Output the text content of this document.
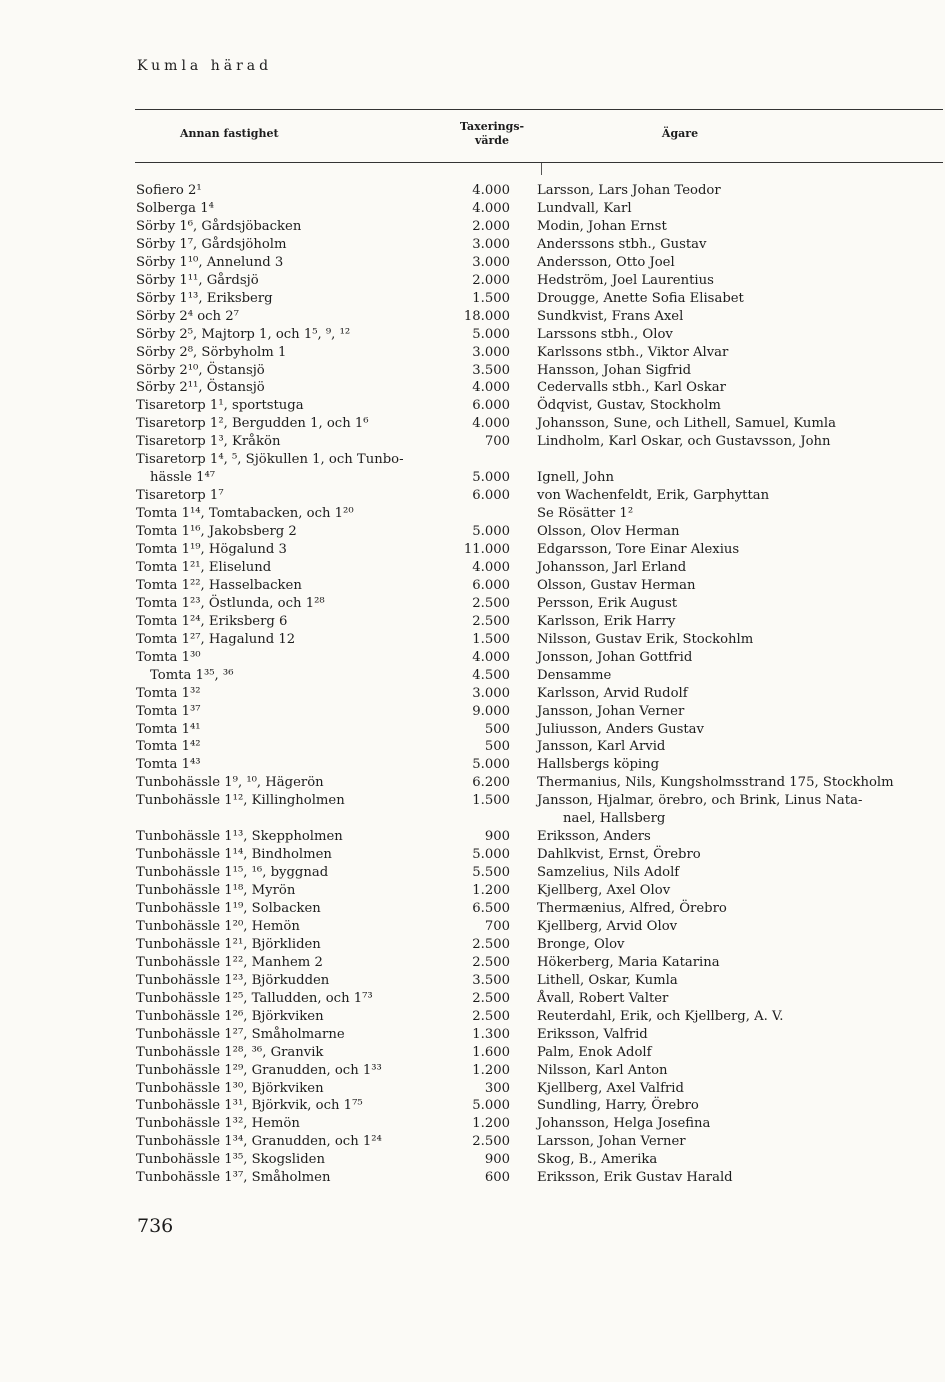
Kumla härad
Annan fastighet
Taxerings-
värde
Ägare
Sofiero 2¹	4.000 Larsson, Lars Johan Teodor
Solberga 1⁴	4.000 Lundvall, Karl
Sörby 1⁶, Gårdsjöbacken	2.000 Modin, Johan Ernst
Sörby 1⁷, Gårdsjöholm	3.000 Anderssons stbh., Gustav
Sörby 1¹⁰, Annelund 3	3.000 Andersson, Otto Joel
Sörby 1¹¹, Gårdsjö	2.000 Hedström, Joel Laurentius
Sörby 1¹³, Eriksberg	1.500 Drougge, Anette Sofia Elisabet
Sörby 2⁴ och 2⁷	18.000 Sundkvist, Frans Axel
Sörby 2⁵, Majtorp 1, och 1⁵, ⁹, ¹²	5.000 Larssons stbh., Olov
Sörby 2⁸, Sörbyholm 1	3.000 Karlssons stbh., Viktor Alvar
Sörby 2¹⁰, Östansjö	3.500 Hansson, Johan Sigfrid
Sörby 2¹¹, Östansjö	4.000 Cedervalls stbh., Karl Oskar
Tisaretorp 1¹, sportstuga	6.000 Ödqvist, Gustav, Stockholm
Tisaretorp 1², Bergudden 1, och 1⁶	4.000 Johansson, Sune, och Lithell, Samuel, Kumla
Tisaretorp 1³, Kråkön	700 Lindholm, Karl Oskar, och Gustavsson, John
Tisaretorp 1⁴, ⁵, Sjökullen 1, och Tunbo-
hässle 1⁴⁷	5.000 Ignell, John
Tisaretorp 1⁷	6.000 von Wachenfeldt, Erik, Garphyttan
Tomta 1¹⁴, Tomtabacken, och 1²⁰	Se Rösätter 1²
Tomta 1¹⁶, Jakobsberg 2	5.000 Olsson, Olov Herman
Tomta 1¹⁹, Högalund 3	11.000 Edgarsson, Tore Einar Alexius
Tomta 1²¹, Eliselund	4.000 Johansson, Jarl Erland
Tomta 1²², Hasselbacken	6.000 Olsson, Gustav Herman
Tomta 1²³, Östlunda, och 1²⁸	2.500 Persson, Erik August
Tomta 1²⁴, Eriksberg 6	2.500 Karlsson, Erik Harry
Tomta 1²⁷, Hagalund 12	1.500 Nilsson, Gustav Erik, Stockohlm
Tomta 1³⁰	4.000 Jonsson, Johan Gottfrid
Tomta 1³⁵, ³⁶	4.500 Densamme
Tomta 1³²	3.000 Karlsson, Arvid Rudolf
Tomta 1³⁷	9.000 Jansson, Johan Verner
Tomta 1⁴¹	500 Juliusson, Anders Gustav
Tomta 1⁴²	500 Jansson, Karl Arvid
Tomta 1⁴³	5.000 Hallsbergs köping
Tunbohässle 1⁹, ¹⁰, Hägerön	6.200 Thermanius, Nils, Kungsholmsstrand 175, Stockholm
Tunbohässle 1¹², Killingholmen	1.500 Jansson, Hjalmar, örebro, och Brink, Linus Nata-
nael, Hallsberg
Tunbohässle 1¹³, Skeppholmen	900 Eriksson, Anders
Tunbohässle 1¹⁴, Bindholmen	5.000 Dahlkvist, Ernst, Örebro
Tunbohässle 1¹⁵, ¹⁶, byggnad	5.500 Samzelius, Nils Adolf
Tunbohässle 1¹⁸, Myrön	1.200 Kjellberg, Axel Olov
Tunbohässle 1¹⁹, Solbacken	6.500 Thermænius, Alfred, Örebro
Tunbohässle 1²⁰, Hemön	700 Kjellberg, Arvid Olov
Tunbohässle 1²¹, Björkliden	2.500 Bronge, Olov
Tunbohässle 1²², Manhem 2	2.500 Hökerberg, Maria Katarina
Tunbohässle 1²³, Björkudden	3.500 Lithell, Oskar, Kumla
Tunbohässle 1²⁵, Talludden, och 1⁷³	2.500 Åvall, Robert Valter
Tunbohässle 1²⁶, Björkviken	2.500 Reuterdahl, Erik, och Kjellberg, A. V.
Tunbohässle 1²⁷, Småholmarne	1.300 Eriksson, Valfrid
Tunbohässle 1²⁸, ³⁶, Granvik	1.600 Palm, Enok Adolf
Tunbohässle 1²⁹, Granudden, och 1³³	1.200 Nilsson, Karl Anton
Tunbohässle 1³⁰, Björkviken	300 Kjellberg, Axel Valfrid
Tunbohässle 1³¹, Björkvik, och 1⁷⁵	5.000 Sundling, Harry, Örebro
Tunbohässle 1³², Hemön	1.200 Johansson, Helga Josefina
Tunbohässle 1³⁴, Granudden, och 1²⁴	2.500 Larsson, Johan Verner
Tunbohässle 1³⁵, Skogsliden	900 Skog, B., Amerika
Tunbohässle 1³⁷, Småholmen	600 Eriksson, Erik Gustav Harald
736
